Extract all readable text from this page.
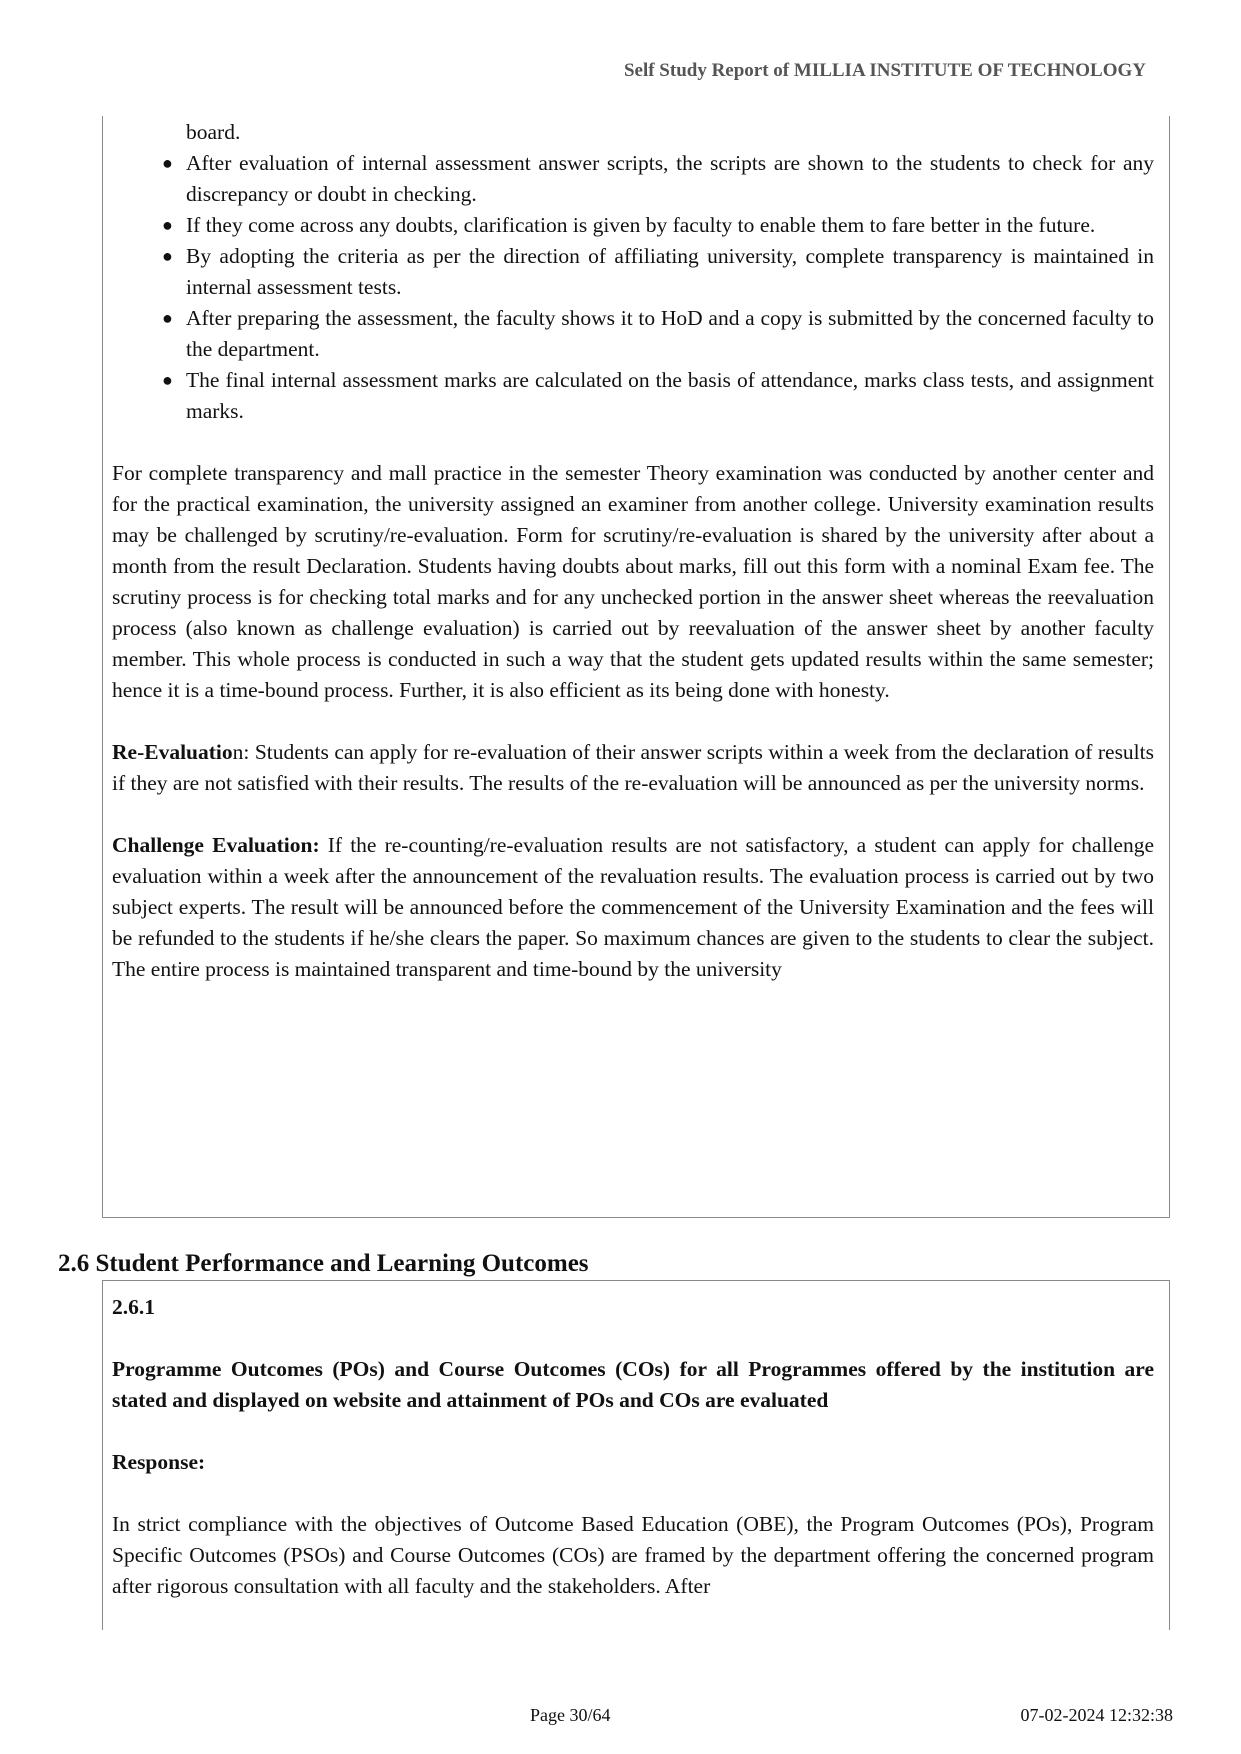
Self Study Report of MILLIA INSTITUTE OF TECHNOLOGY
board.
● After evaluation of internal assessment answer scripts, the scripts are shown to the students to check for any discrepancy or doubt in checking.
● If they come across any doubts, clarification is given by faculty to enable them to fare better in the future.
● By adopting the criteria as per the direction of affiliating university, complete transparency is maintained in internal assessment tests.
● After preparing the assessment, the faculty shows it to HoD and a copy is submitted by the concerned faculty to the department.
● The final internal assessment marks are calculated on the basis of attendance, marks class tests, and assignment marks.

For complete transparency and mall practice in the semester Theory examination was conducted by another center and for the practical examination, the university assigned an examiner from another college. University examination results may be challenged by scrutiny/re-evaluation. Form for scrutiny/re-evaluation is shared by the university after about a month from the result Declaration. Students having doubts about marks, fill out this form with a nominal Exam fee. The scrutiny process is for checking total marks and for any unchecked portion in the answer sheet whereas the reevaluation process (also known as challenge evaluation) is carried out by reevaluation of the answer sheet by another faculty member. This whole process is conducted in such a way that the student gets updated results within the same semester; hence it is a time-bound process. Further, it is also efficient as its being done with honesty.

Re-Evaluation: Students can apply for re-evaluation of their answer scripts within a week from the declaration of results if they are not satisfied with their results. The results of the re-evaluation will be announced as per the university norms.

Challenge Evaluation: If the re-counting/re-evaluation results are not satisfactory, a student can apply for challenge evaluation within a week after the announcement of the revaluation results. The evaluation process is carried out by two subject experts. The result will be announced before the commencement of the University Examination and the fees will be refunded to the students if he/she clears the paper. So maximum chances are given to the students to clear the subject. The entire process is maintained transparent and time-bound by the university

2.6 Student Performance and Learning Outcomes

2.6.1

Programme Outcomes (POs) and Course Outcomes (COs) for all Programmes offered by the institution are stated and displayed on website and attainment of POs and COs are evaluated

Response:

In strict compliance with the objectives of Outcome Based Education (OBE), the Program Outcomes (POs), Program Specific Outcomes (PSOs) and Course Outcomes (COs) are framed by the department offering the concerned program after rigorous consultation with all faculty and the stakeholders. After

Page 30/64	07-02-2024 12:32:38
